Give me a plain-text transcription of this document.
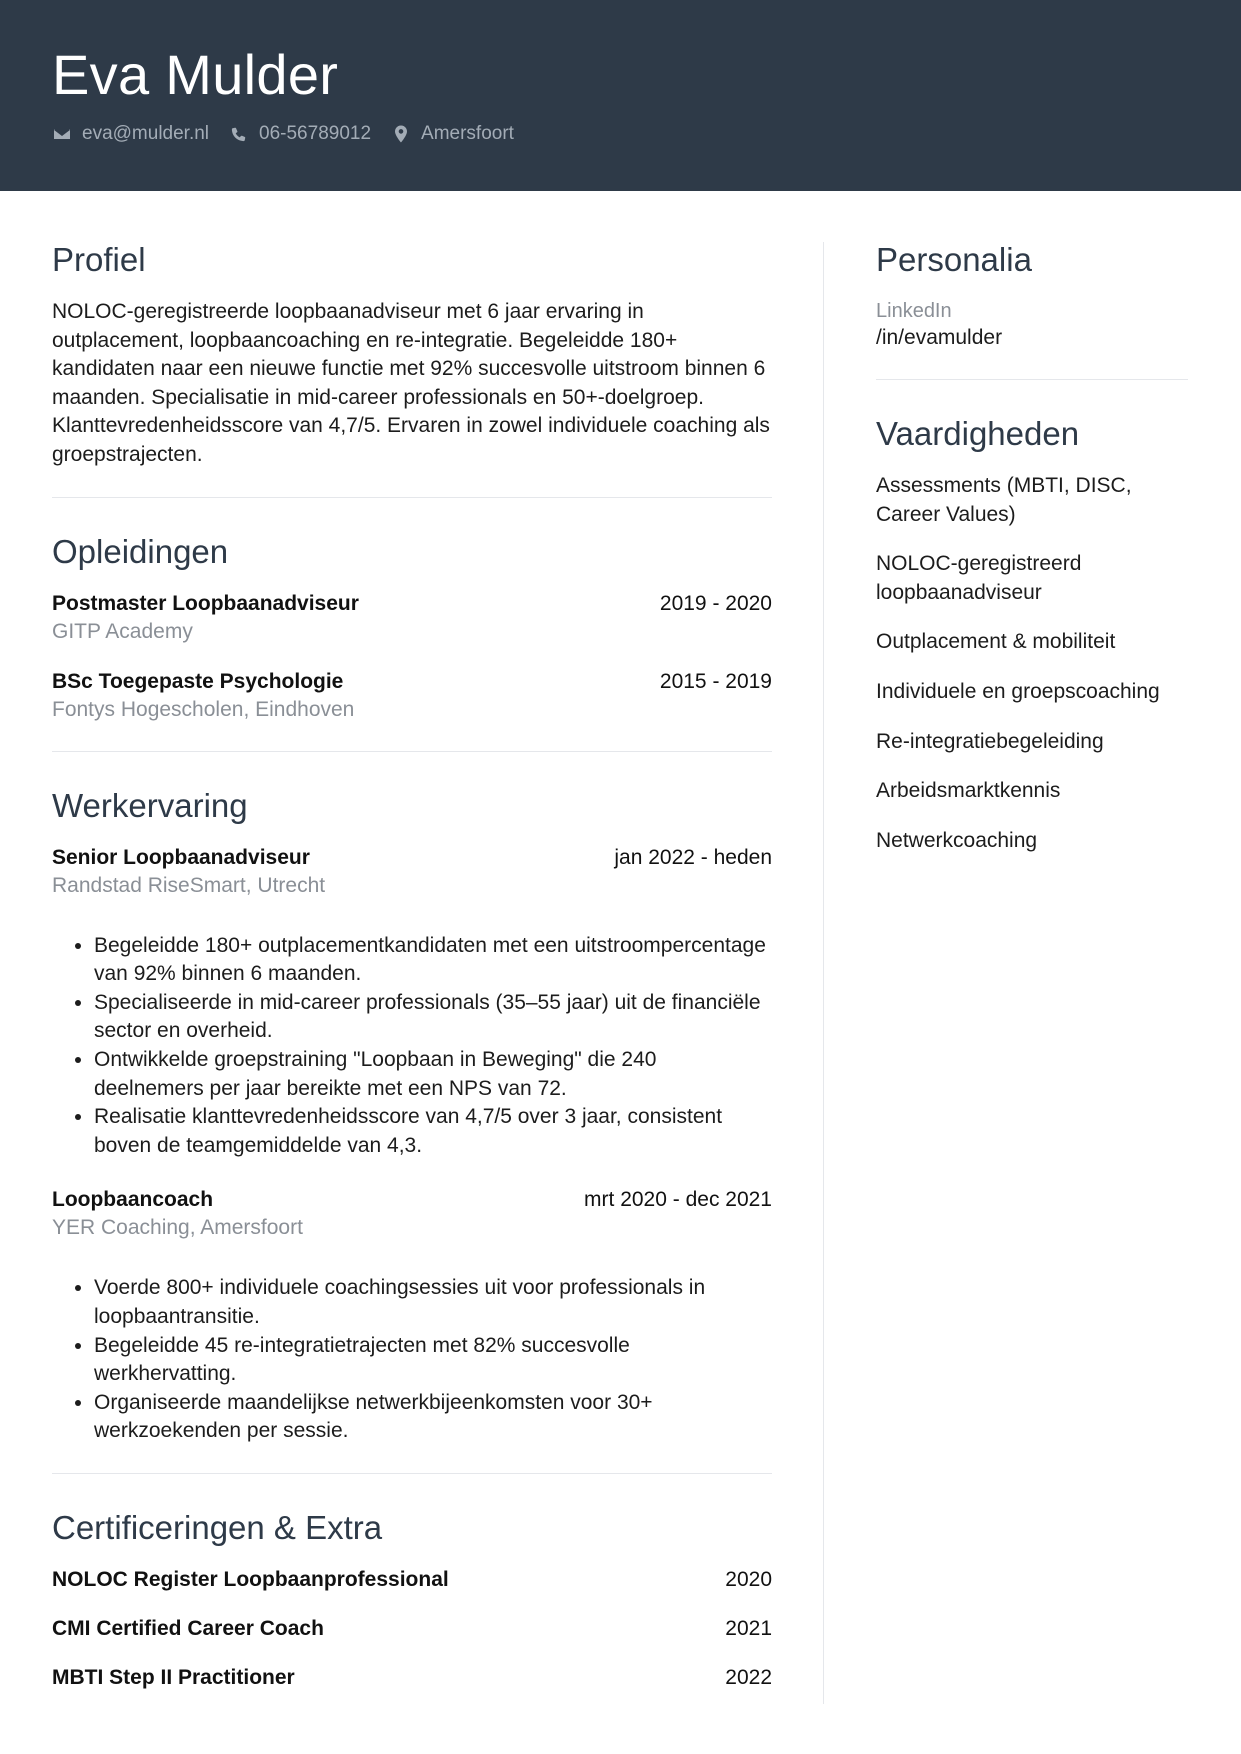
Eva Mulder
eva@mulder.nl	06-56789012	Amersfoort
Profiel

NOLOC-geregistreerde loopbaanadviseur met 6 jaar ervaring in outplacement, loopbaancoaching en re-integratie. Begeleidde 180+ kandidaten naar een nieuwe functie met 92% succesvolle uitstroom binnen 6 maanden. Specialisatie in mid-career professionals en 50+-doelgroep. Klanttevredenheidsscore van 4,7/5. Ervaren in zowel individuele coaching als groepstrajecten.

Opleidingen
Postmaster Loopbaanadviseur	2019 - 2020
GITP Academy
BSc Toegepaste Psychologie	2015 - 2019
Fontys Hogescholen, Eindhoven
Werkervaring
Senior Loopbaanadviseur	jan 2022 - heden
Randstad RiseSmart, Utrecht
• Begeleidde 180+ outplacementkandidaten met een uitstroompercentage van 92% binnen 6 maanden.
• Specialiseerde in mid-career professionals (35–55 jaar) uit de financiële sector en overheid.
• Ontwikkelde groepstraining "Loopbaan in Beweging" die 240 deelnemers per jaar bereikte met een NPS van 72.
• Realisatie klanttevredenheidsscore van 4,7/5 over 3 jaar, consistent boven de teamgemiddelde van 4,3.
Loopbaancoach	mrt 2020 - dec 2021
YER Coaching, Amersfoort
• Voerde 800+ individuele coachingsessies uit voor professionals in loopbaantransitie.
• Begeleidde 45 re-integratietrajecten met 82% succesvolle werkhervatting.
• Organiseerde maandelijkse netwerkbijeenkomsten voor 30+ werkzoekenden per sessie.
Certificeringen & Extra
NOLOC Register Loopbaanprofessional	2020
CMI Certified Career Coach	2021
MBTI Step II Practitioner	2022
Personalia
LinkedIn
/in/evamulder
Vaardigheden
Assessments (MBTI, DISC, Career Values)
NOLOC-geregistreerd loopbaanadviseur
Outplacement & mobiliteit
Individuele en groepscoaching
Re-integratiebegeleiding
Arbeidsmarktkennis
Netwerkcoaching
